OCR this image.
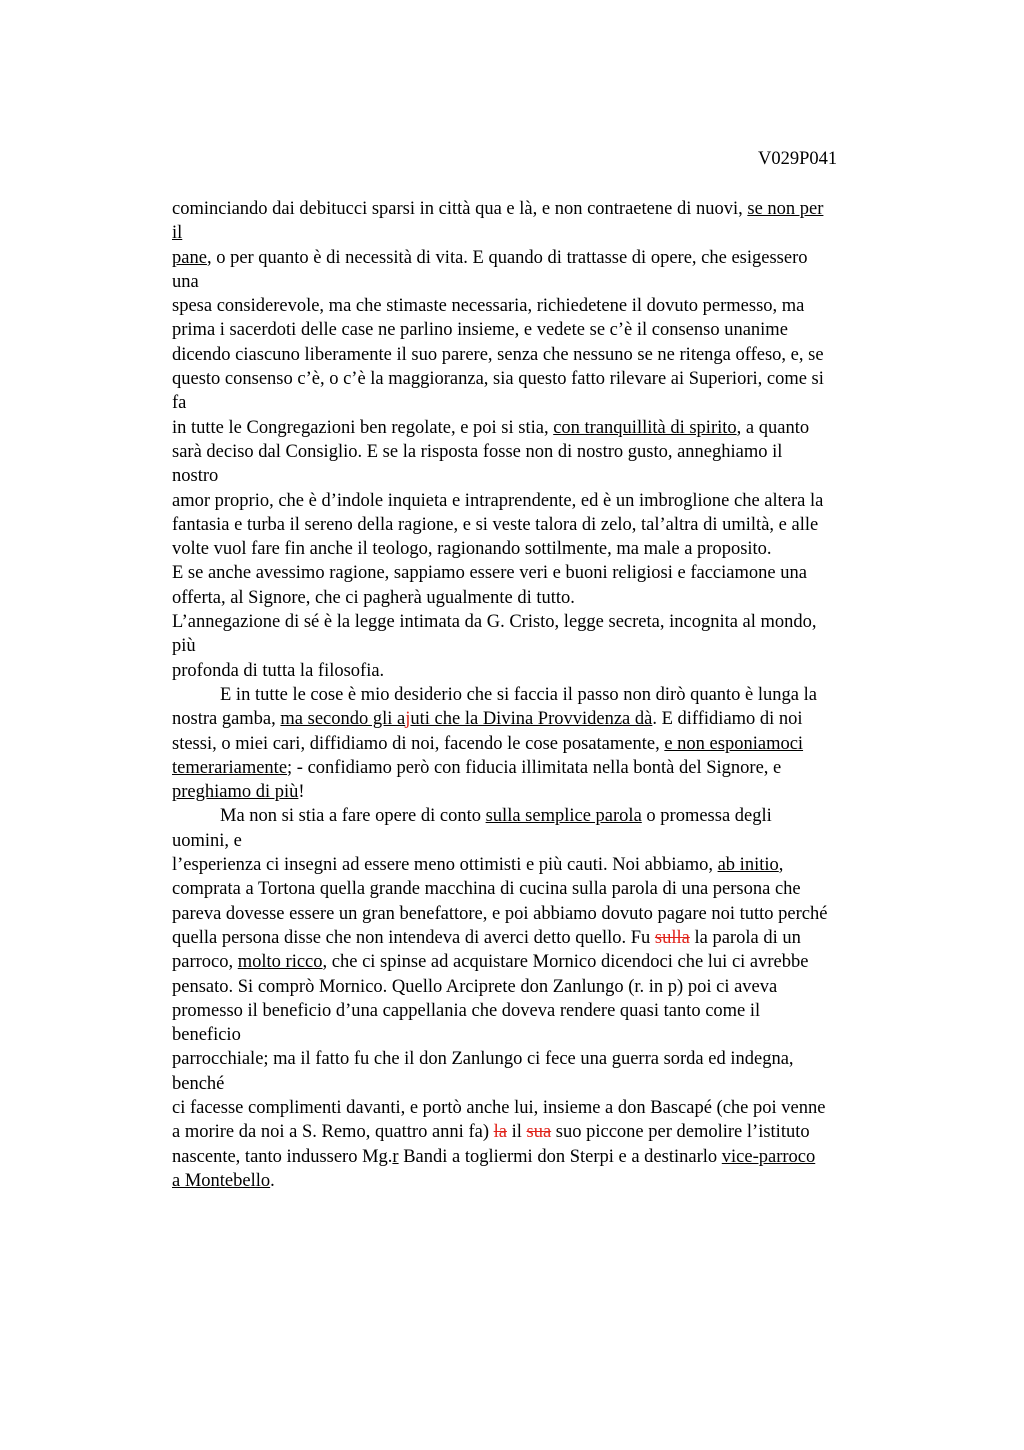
V029P041
cominciando dai debitucci sparsi in città qua e là, e non contraetene di nuovi, se non per
il
pane, o per quanto è di necessità di vita. E quando di trattasse di opere, che esigessero
una
spesa considerevole, ma che stimaste necessaria, richiedetene il dovuto permesso, ma
prima i sacerdoti delle case ne parlino insieme, e vedete se c’è il consenso unanime
dicendo ciascuno liberamente il suo parere, senza che nessuno se ne ritenga offeso, e, se
questo consenso c’è, o c’è la maggioranza, sia questo fatto rilevare ai Superiori, come si
fa
in tutte le Congregazioni ben regolate, e poi si stia, con tranquillità di spirito, a quanto
sarà deciso dal Consiglio. E se la risposta fosse non di nostro gusto, anneghiamo il
nostro
amor proprio, che è d’indole inquieta e intraprendente, ed è un imbroglione che altera la
fantasia e turba il sereno della ragione, e si veste talora di zelo, tal’altra di umiltà, e alle
volte vuol fare fin anche il teologo, ragionando sottilmente, ma male a proposito.
E se anche avessimo ragione, sappiamo essere veri e buoni religiosi e facciamone una
offerta, al Signore, che ci pagherà ugualmente di tutto.
L’annegazione di sé è la legge intimata da G. Cristo, legge secreta, incognita al mondo,
più
profonda di tutta la filosofia.
E in tutte le cose è mio desiderio che si faccia il passo non dirò quanto è lunga la
nostra gamba, ma secondo gli ajuti che la Divina Provvidenza dà. E diffidiamo di noi
stessi, o miei cari, diffidiamo di noi, facendo le cose posatamente, e non esponiamoci
temerariamente; - confidiamo però con fiducia illimitata nella bontà del Signore, e
preghiamo di più!
Ma non si stia a fare opere di conto sulla semplice parola o promessa degli
uomini, e
l’esperienza ci insegni ad essere meno ottimisti e più cauti. Noi abbiamo, ab initio,
comprata a Tortona quella grande macchina di cucina sulla parola di una persona che
pareva dovesse essere un gran benefattore, e poi abbiamo dovuto pagare noi tutto perché
quella persona disse che non intendeva di averci detto quello. Fu sulla la parola di un
parroco, molto ricco, che ci spinse ad acquistare Mornico dicendoci che lui ci avrebbe
pensato. Si comprò Mornico. Quello Arciprete don Zanlungo (r. in p) poi ci aveva
promesso il beneficio d’una cappellania che doveva rendere quasi tanto come il
beneficio
parrocchiale; ma il fatto fu che il don Zanlungo ci fece una guerra sorda ed indegna,
benché
ci facesse complimenti davanti, e portò anche lui, insieme a don Bascapé (che poi venne
a morire da noi a S. Remo, quattro anni fa) la il sua suo piccone per demolire l’istituto
nascente, tanto indussero Mg.r Bandi a togliermi don Sterpi e a destinarlo vice-parroco
a Montebello.
